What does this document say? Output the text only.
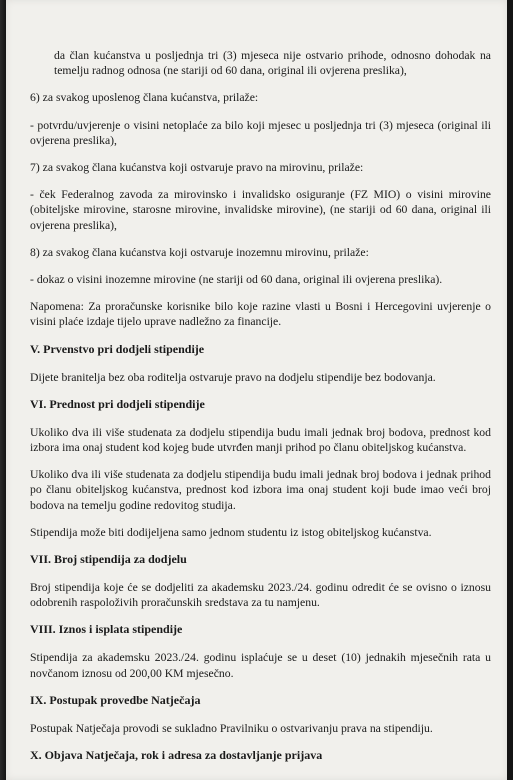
da član kućanstva u posljednja tri (3) mjeseca nije ostvario prihode, odnosno dohodak na temelju radnog odnosa (ne stariji od 60 dana, original ili ovjerena preslika),

6) za svakog uposlenog člana kućanstva, prilaže:

- potvrdu/uvjerenje o visini netoplaće za bilo koji mjesec u posljednja tri (3) mjeseca (original ili ovjerena preslika),

7) za svakog člana kućanstva koji ostvaruje pravo na mirovinu, prilaže:

- ček Federalnog zavoda za mirovinsko i invalidsko osiguranje (FZ MIO) o visini mirovine (obiteljske mirovine, starosne mirovine, invalidske mirovine), (ne stariji od 60 dana, original ili ovjerena preslika),

8) za svakog člana kućanstva koji ostvaruje inozemnu mirovinu, prilaže:

- dokaz o visini inozemne mirovine (ne stariji od 60 dana, original ili ovjerena preslika).

Napomena: Za proračunske korisnike bilo koje razine vlasti u Bosni i Hercegovini uvjerenje o visini plaće izdaje tijelo uprave nadležno za financije.

V. Prvenstvo pri dodjeli stipendije

Dijete branitelja bez oba roditelja ostvaruje pravo na dodjelu stipendije bez bodovanja.

VI. Prednost pri dodjeli stipendije

Ukoliko dva ili više studenata za dodjelu stipendija budu imali jednak broj bodova, prednost kod izbora ima onaj student kod kojeg bude utvrđen manji prihod po članu obiteljskog kućanstva.

Ukoliko dva ili više studenata za dodjelu stipendija budu imali jednak broj bodova i jednak prihod po članu obiteljskog kućanstva, prednost kod izbora ima onaj student koji bude imao veći broj bodova na temelju godine redovitog studija.

Stipendija može biti dodijeljena samo jednom studentu iz istog obiteljskog kućanstva.

VII. Broj stipendija za dodjelu

Broj stipendija koje će se dodjeliti za akademsku 2023./24. godinu odredit će se ovisno o iznosu odobrenih raspoloživih proračunskih sredstava za tu namjenu.

VIII. Iznos i isplata stipendije

Stipendija za akademsku 2023./24. godinu isplaćuje se u deset (10) jednakih mjesečnih rata u novčanom iznosu od 200,00 KM mjesečno.

IX. Postupak provedbe Natječaja

Postupak Natječaja provodi se sukladno Pravilniku o ostvarivanju prava na stipendiju.

X. Objava Natječaja, rok i adresa za dostavljanje prijava
